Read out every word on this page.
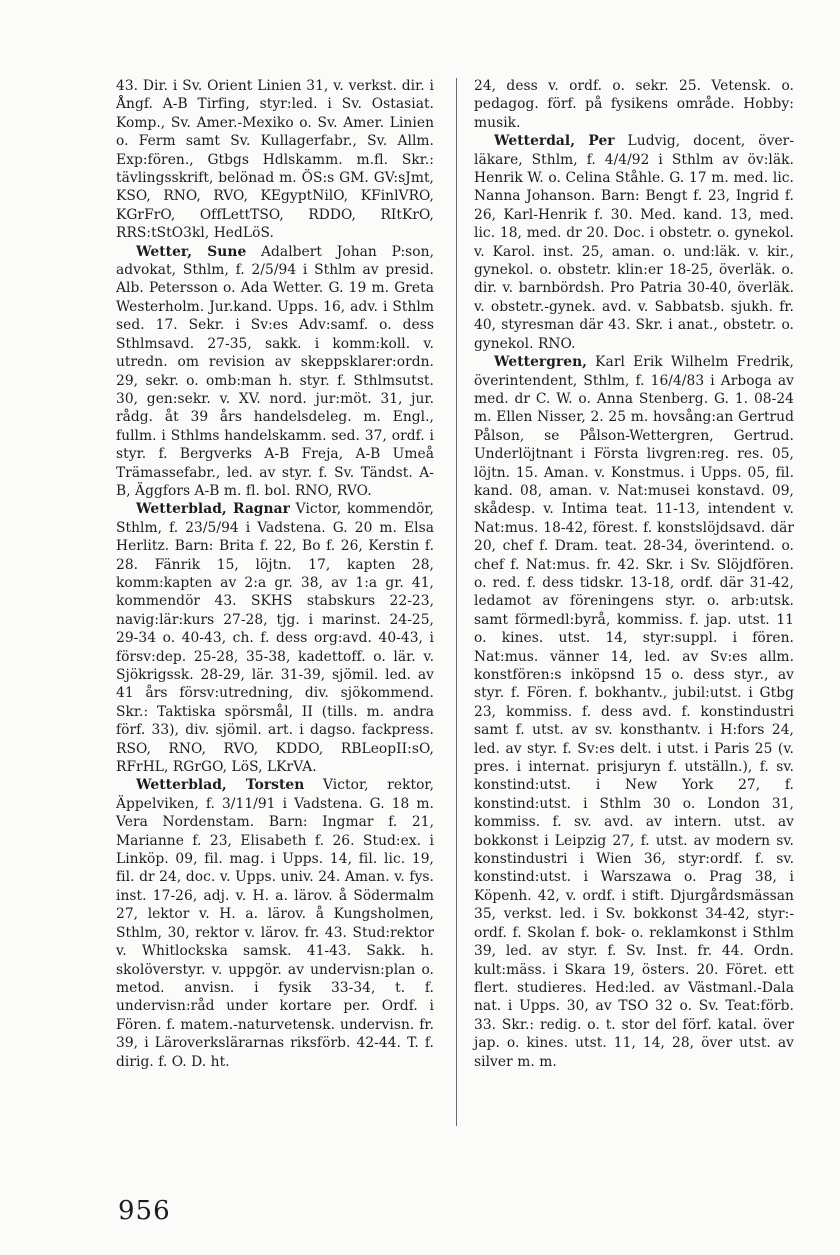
43. Dir. i Sv. Orient Linien 31, v. verkst. dir. i Ångf. A-B Tirfing, styr:led. i Sv. Ostasiat. Komp., Sv. Amer.-Mexiko o. Sv. Amer. Linien o. Ferm samt Sv. Kullagerfabr., Sv. Allm. Exp:fören., Gtbgs Hdlskamm. m.fl. Skr.: tävlingsskrift, belönad m. ÖS:s GM. GV:sJmt, KSO, RNO, RVO, KEgyptNilO, KFinlVRO, KGrFrO, OffLettTSO, RDDO, RItKrO, RRS:tStO3kl, HedLöS.

Wetter, Sune Adalbert Johan P:son, advokat, Sthlm, f. 2/5/94 i Sthlm av presid. Alb. Petersson o. Ada Wetter. G. 19 m. Greta Westerholm. Jur.kand. Upps. 16, adv. i Sthlm sed. 17. Sekr. i Sv:es Adv:samf. o. dess Sthlmsavd. 27-35, sakk. i komm:koll. v. utredn. om revision av skeppsklarer:ordn. 29, sekr. o. omb:man h. styr. f. Sthlmsutst. 30, gen:sekr. v. XV. nord. jur:möt. 31, jur. rådg. åt 39 års handelsdeleg. m. Engl., fullm. i Sthlms handelskamm. sed. 37, ordf. i styr. f. Bergverks A-B Freja, A-B Umeå Trämassefabr., led. av styr. f. Sv. Tändst. A-B, Äggfors A-B m. fl. bol. RNO, RVO.

Wetterblad, Ragnar Victor, kommendör, Sthlm, f. 23/5/94 i Vadstena. G. 20 m. Elsa Herlitz. Barn: Brita f. 22, Bo f. 26, Kerstin f. 28. Fänrik 15, löjtn. 17, kapten 28, komm:kapten av 2:a gr. 38, av 1:a gr. 41, kommendör 43. SKHS stabskurs 22-23, navig:lär:kurs 27-28, tjg. i marinst. 24-25, 29-34 o. 40-43, ch. f. dess org:avd. 40-43, i försv:dep. 25-28, 35-38, kadettoff. o. lär. v. Sjökrigssk. 28-29, lär. 31-39, sjömil. led. av 41 års försv:utredning, div. sjökommend. Skr.: Taktiska spörsmål, II (tills. m. andra förf. 33), div. sjömil. art. i dagso. fackpress. RSO, RNO, RVO, KDDO, RBLeopII:sO, RFrHL, RGrGO, LöS, LKrVA.

Wetterblad, Torsten Victor, rektor, Äppelviken, f. 3/11/91 i Vadstena. G. 18 m. Vera Nordenstam. Barn: Ingmar f. 21, Marianne f. 23, Elisabeth f. 26. Stud:ex. i Linköp. 09, fil. mag. i Upps. 14, fil. lic. 19, fil. dr 24, doc. v. Upps. univ. 24. Aman. v. fys. inst. 17-26, adj. v. H. a. lärov. å Södermalm 27, lektor v. H. a. lärov. å Kungsholmen, Sthlm, 30, rektor v. lärov. fr. 43. Stud:rektor v. Whitlockska samsk. 41-43. Sakk. h. skolöverstyr. v. uppgör. av undervisn:plan o. metod. anvisn. i fysik 33-34, t. f. undervisn:råd under kortare per. Ordf. i Fören. f. matem.-naturvetensk. undervisn. fr. 39, i Läroverkslärarnas riksförb. 42-44. T. f. dirig. f. O. D. ht.

24, dess v. ordf. o. sekr. 25. Vetensk. o. pedagog. förf. på fysikens område. Hobby: musik.

Wetterdal, Per Ludvig, docent, överläkare, Sthlm, f. 4/4/92 i Sthlm av öv:läk. Henrik W. o. Celina Ståhle. G. 17 m. med. lic. Nanna Johanson. Barn: Bengt f. 23, Ingrid f. 26, Karl-Henrik f. 30. Med. kand. 13, med. lic. 18, med. dr 20. Doc. i obstetr. o. gynekol. v. Karol. inst. 25, aman. o. und:läk. v. kir., gynekol. o. obstetr. klin:er 18-25, överläk. o. dir. v. barnbördsh. Pro Patria 30-40, överläk. v. obstetr.-gynek. avd. v. Sabbatsb. sjukh. fr. 40, styresman där 43. Skr. i anat., obstetr. o. gynekol. RNO.

Wettergren, Karl Erik Wilhelm Fredrik, överintendent, Sthlm, f. 16/4/83 i Arboga av med. dr C. W. o. Anna Stenberg. G. 1. 08-24 m. Ellen Nisser, 2. 25 m. hovsång:an Gertrud Pålson, se Pålson-Wettergren, Gertrud. Underlöjtnant i Första livgren:reg. res. 05, löjtn. 15. Aman. v. Konstmus. i Upps. 05, fil. kand. 08, aman. v. Nat:musei konstavd. 09, skådesp. v. Intima teat. 11-13, intendent v. Nat:mus. 18-42, förest. f. konstslöjdsavd. där 20, chef f. Dram. teat. 28-34, överintend. o. chef f. Nat:mus. fr. 42. Skr. i Sv. Slöjdfören. o. red. f. dess tidskr. 13-18, ordf. där 31-42, ledamot av föreningens styr. o. arb:utsk. samt förmedl:byrå, kommiss. f. jap. utst. 11 o. kines. utst. 14, styr:suppl. i fören. Nat:mus. vänner 14, led. av Sv:es allm. konstfören:s inköpsnd 15 o. dess styr., av styr. f. Fören. f. bokhantv., jubil:utst. i Gtbg 23, kommiss. f. dess avd. f. konstindustri samt f. utst. av sv. konsthantv. i H:fors 24, led. av styr. f. Sv:es delt. i utst. i Paris 25 (v. pres. i internat. prisjuryn f. utställn.), f. sv. konstind:utst. i New York 27, f. konstind:utst. i Sthlm 30 o. London 31, kommiss. f. sv. avd. av intern. utst. av bokkonst i Leipzig 27, f. utst. av modern sv. konstindustri i Wien 36, styr:ordf. f. sv. konstind:utst. i Warszawa o. Prag 38, i Köpenh. 42, v. ordf. i stift. Djurgårdsmässan 35, verkst. led. i Sv. bokkonst 34-42, styr:ordf. f. Skolan f. bok- o. reklamkonst i Sthlm 39, led. av styr. f. Sv. Inst. fr. 44. Ordn. kult:mäss. i Skara 19, östers. 20. Föret. ett flert. studieres. Hed:led. av Västmanl.-Dala nat. i Upps. 30, av TSO 32 o. Sv. Teat:förb. 33. Skr.: redig. o. t. stor del förf. katal. över jap. o. kines. utst. 11, 14, 28, över utst. av silver m. m.

956
